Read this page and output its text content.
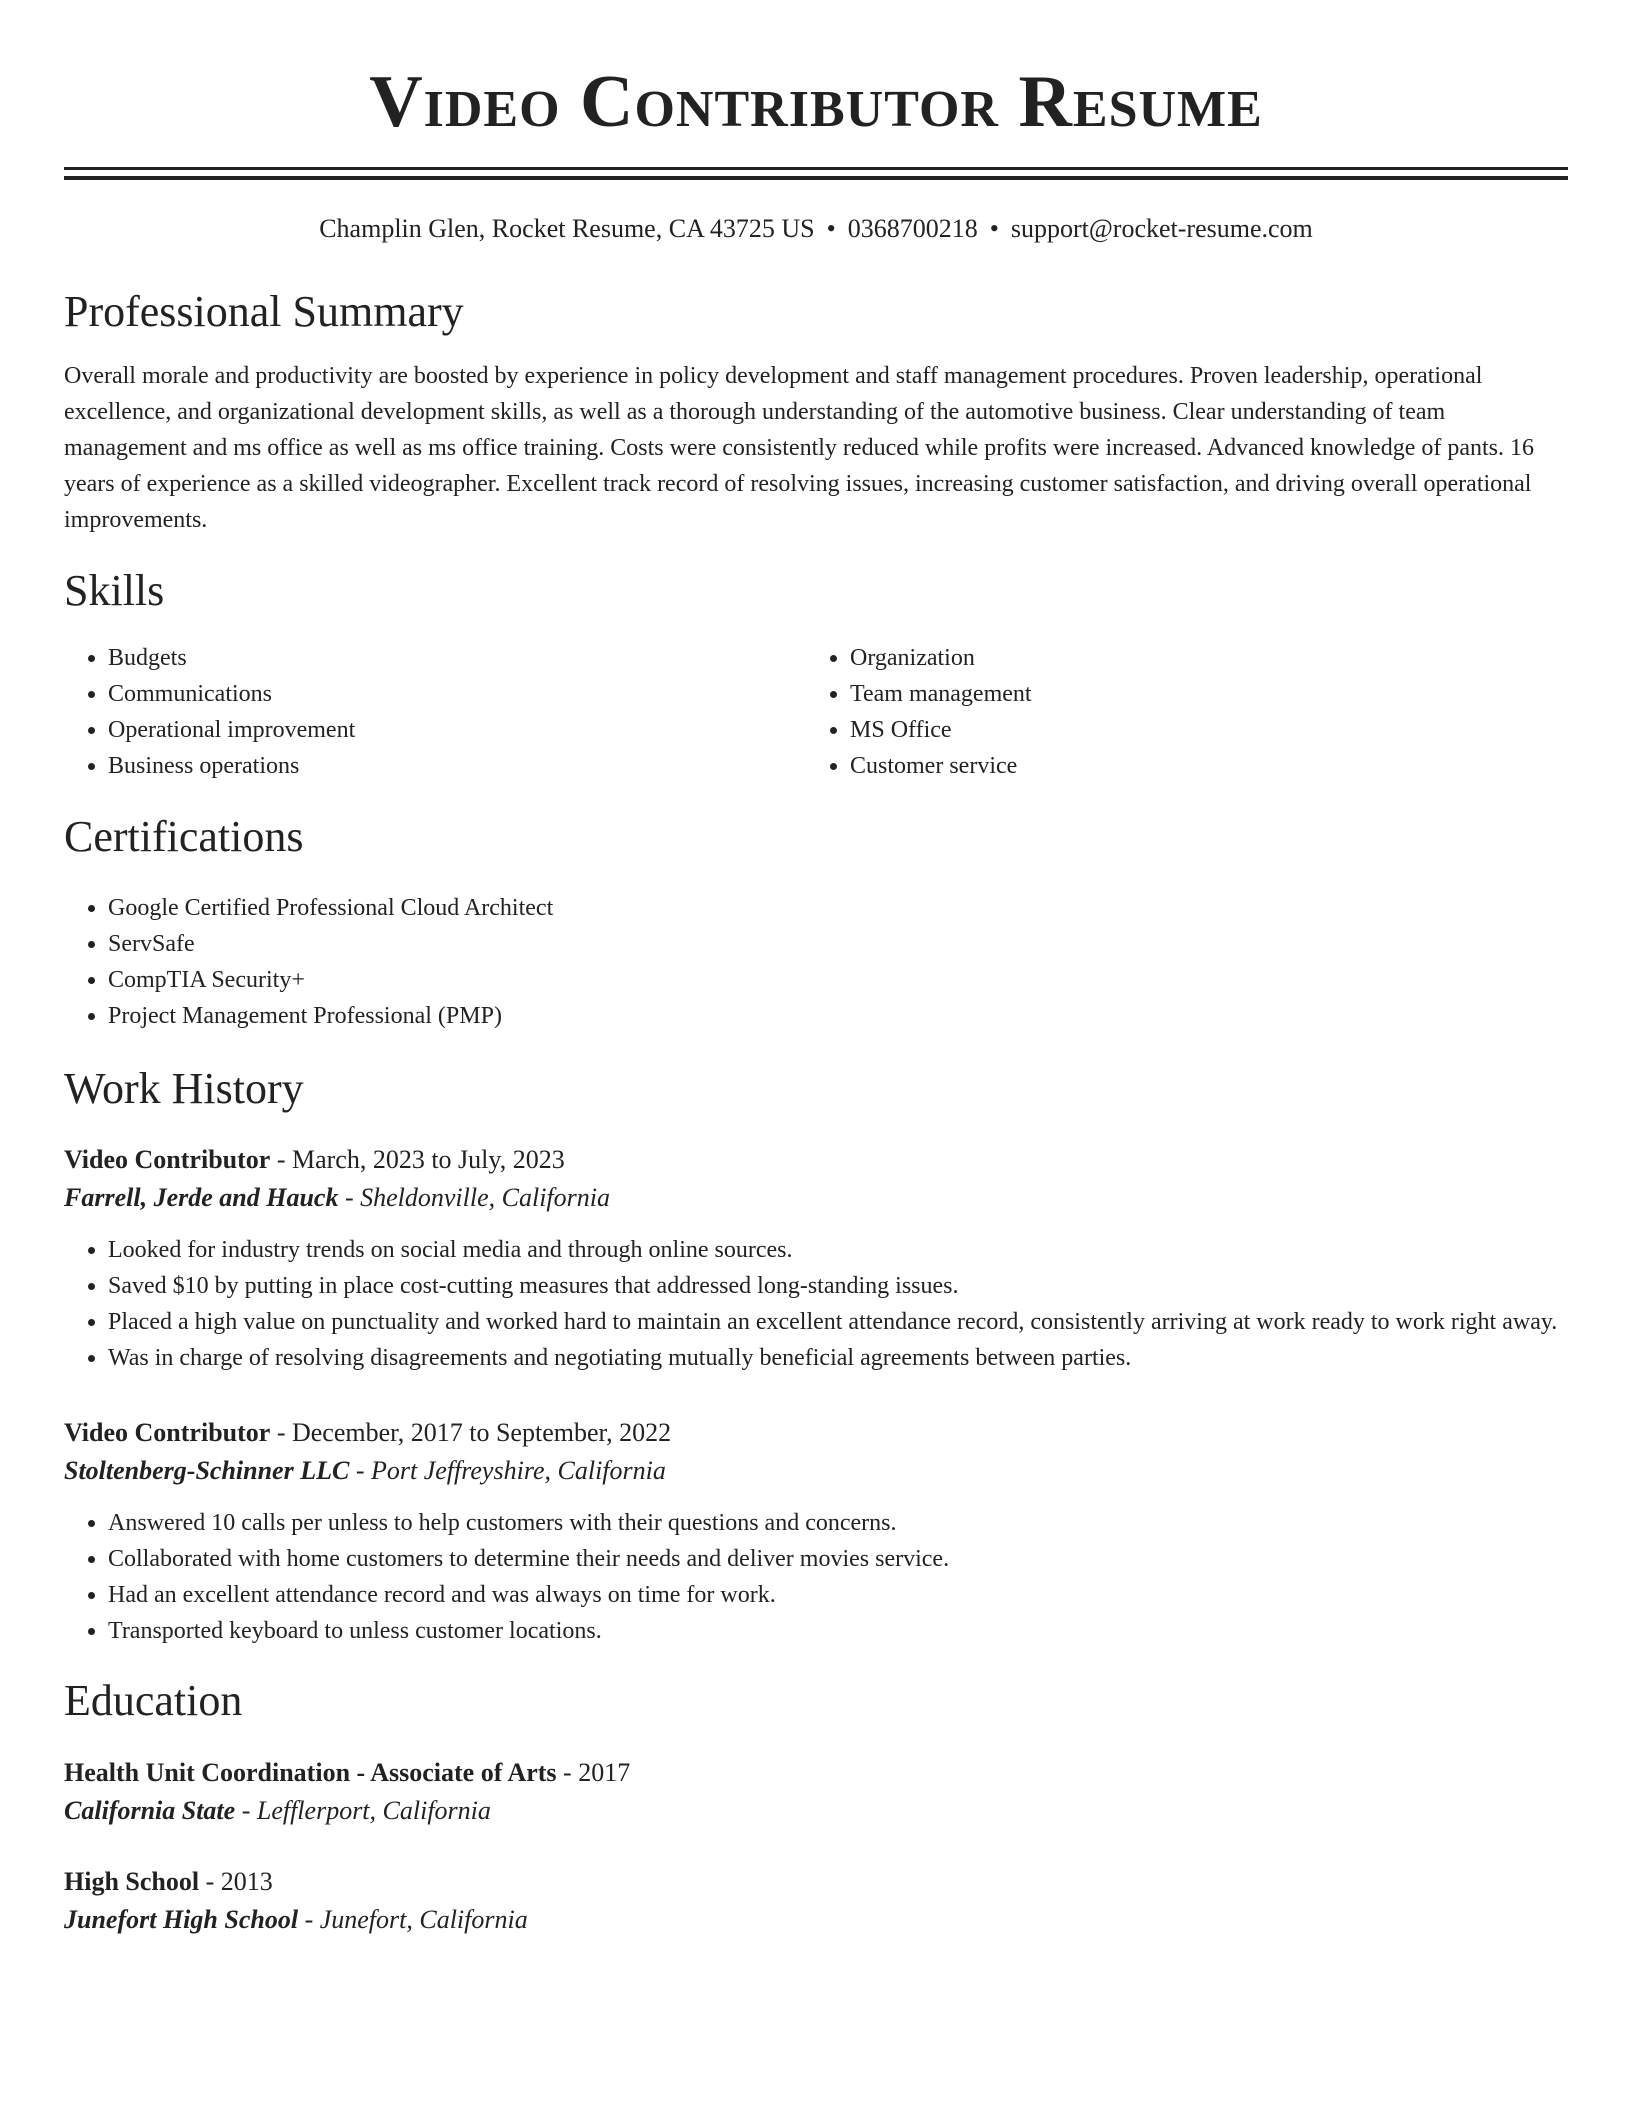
Video Contributor Resume
Champlin Glen, Rocket Resume, CA 43725 US • 0368700218 • support@rocket-resume.com
Professional Summary

Overall morale and productivity are boosted by experience in policy development and staff management procedures. Proven leadership, operational excellence, and organizational development skills, as well as a thorough understanding of the automotive business. Clear understanding of team management and ms office as well as ms office training. Costs were consistently reduced while profits were increased. Advanced knowledge of pants. 16 years of experience as a skilled videographer. Excellent track record of resolving issues, increasing customer satisfaction, and driving overall operational improvements.

Skills
• Budgets
• Communications
• Operational improvement
• Business operations
• Organization
• Team management
• MS Office
• Customer service
Certifications
• Google Certified Professional Cloud Architect
• ServSafe
• CompTIA Security+
• Project Management Professional (PMP)
Work History
Video Contributor - March, 2023 to July, 2023
Farrell, Jerde and Hauck - Sheldonville, California
• Looked for industry trends on social media and through online sources.
• Saved $10 by putting in place cost-cutting measures that addressed long-standing issues.
• Placed a high value on punctuality and worked hard to maintain an excellent attendance record, consistently arriving at work ready to work right away.
• Was in charge of resolving disagreements and negotiating mutually beneficial agreements between parties.
Video Contributor - December, 2017 to September, 2022
Stoltenberg-Schinner LLC - Port Jeffreyshire, California
• Answered 10 calls per unless to help customers with their questions and concerns.
• Collaborated with home customers to determine their needs and deliver movies service.
• Had an excellent attendance record and was always on time for work.
• Transported keyboard to unless customer locations.
Education
Health Unit Coordination - Associate of Arts - 2017
California State - Lefflerport, California
High School - 2013
Junefort High School - Junefort, California
